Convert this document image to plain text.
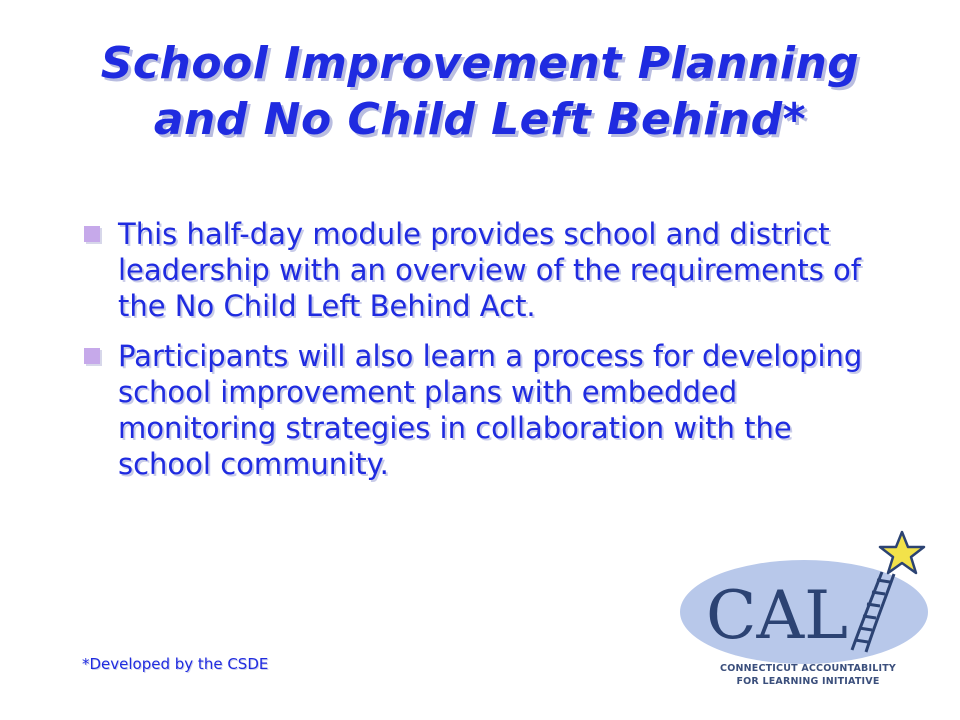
School Improvement Planning
and No Child Left Behind*
This half-day module provides school and district leadership with an overview of the requirements of the No Child Left Behind Act.
Participants will also learn a process for developing school improvement plans with embedded monitoring strategies in collaboration with the school community.
*Developed by the CSDE
CAL
CONNECTICUT ACCOUNTABILITY
FOR LEARNING INITIATIVE
